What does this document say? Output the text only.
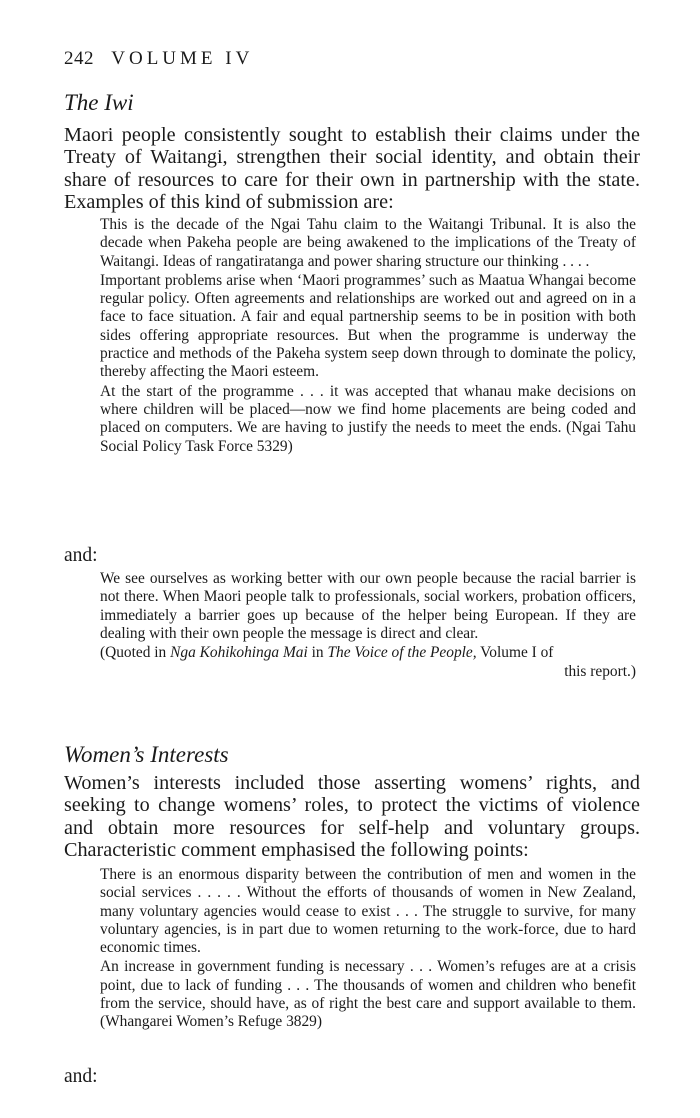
242 VOLUME IV
The Iwi
Maori people consistently sought to establish their claims under the Treaty of Waitangi, strengthen their social identity, and obtain their share of resources to care for their own in partnership with the state. Examples of this kind of submission are:

This is the decade of the Ngai Tahu claim to the Waitangi Tribunal. It is also the decade when Pakeha people are being awakened to the implications of the Treaty of Waitangi. Ideas of rangatiratanga and power sharing structure our thinking . . . .

Important problems arise when ‘Maori programmes’ such as Maatua Whangai become regular policy. Often agreements and relationships are worked out and agreed on in a face to face situation. A fair and equal partnership seems to be in position with both sides offering appropriate resources. But when the programme is underway the practice and methods of the Pakeha system seep down through to dominate the policy, thereby affecting the Maori esteem.

At the start of the programme . . . it was accepted that whanau make decisions on where children will be placed—now we find home placements are being coded and placed on computers. We are having to justify the needs to meet the ends. (Ngai Tahu Social Policy Task Force 5329)

and:

We see ourselves as working better with our own people because the racial barrier is not there. When Maori people talk to professionals, social workers, probation officers, immediately a barrier goes up because of the helper being European. If they are dealing with their own people the message is direct and clear.

(Quoted in Nga Kohikohinga Mai in The Voice of the People, Volume I of

this report.)

Women’s Interests
Women’s interests included those asserting womens’ rights, and seeking to change womens’ roles, to protect the victims of violence and obtain more resources for self-help and voluntary groups. Characteristic comment emphasised the following points:

There is an enormous disparity between the contribution of men and women in the social services . . . . . Without the efforts of thousands of women in New Zealand, many voluntary agencies would cease to exist . . . The struggle to survive, for many voluntary agencies, is in part due to women returning to the work-force, due to hard economic times.

An increase in government funding is necessary . . . Women’s refuges are at a crisis point, due to lack of funding . . . The thousands of women and children who benefit from the service, should have, as of right the best care and support available to them. (Whangarei Women’s Refuge 3829)

and:
